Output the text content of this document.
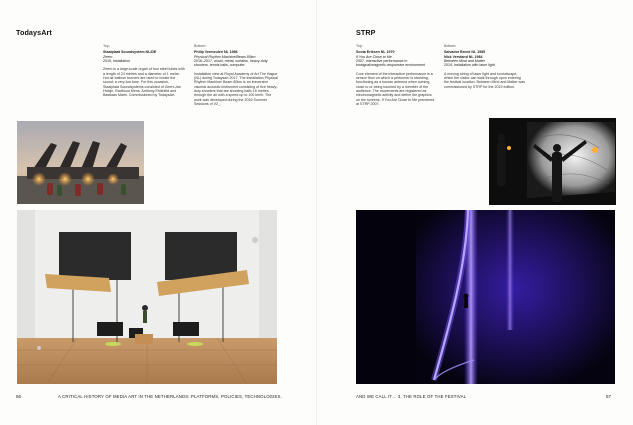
TodaysArt
Top:
Staalplaat Soundsystem NL/DE
Zeero
2015, installation
Zeero is a large-scale organ of four steel tubes with a length of 24 metres and a diameter of 1 metre. Hot air balloon burners are used to create the sound: a very low tone. For this occasion, Staalplaat Soundsystems consisted of Geert-Jan Hobijn, Radboud Mens, Anthony Ehikhifid and Bastiaan Maris. Commissioned by TodaysArt.
Bottom:
Philip Vermeulen NL 1986
Physical Rhythm Machine/Beam 80km
2016–2017, wood, metal, curtains, heavy-duty shooters, tennis balls, computer
Installation view at Royal Academy of Art The Hague (NL) during Todaysart 2017. The installation Physical Rhythm Machine/ Beam 80km is an immersive visceral acoustic instrument consisting of five heavy-duty shooters that are shooting balls 16 metres through the air with a speed up to 100 km/h. The work was developed during the 2016 Summer Sessions of V2_.
56	A CRITICAL HISTORY OF MEDIA ART IN THE NETHERLANDS: PLATFORMS, POLICIES, TECHNOLOGIES.
STRP
Top:
Scota Eriksen NL 1970
If You Are Close to Me
2007, interactive performance in biosignal/magnetic-responsive environment
Core element of the interactive performance is a sensor floor on which a performer is standing, functioning as a human antenna when coming close to or being touched by a member of the audience. The movements are registered as electromagnetic activity and define the graphics on the screens. If You Are Close to Me premiered at STRP 2007.
Bottom:
Salvador Breed NL 1985
Nick Verstand NL 1984
Between Mind and Matter
2019, installation with laser light
A moving string of laser light and soundscape, which the visitor can walk through upon entering the festival location. Between Mind and Matter was commissioned by STRP for the 2019 edition.
AND WE CALL IT… 3. THE ROLE OF THE FESTIVAL	57
